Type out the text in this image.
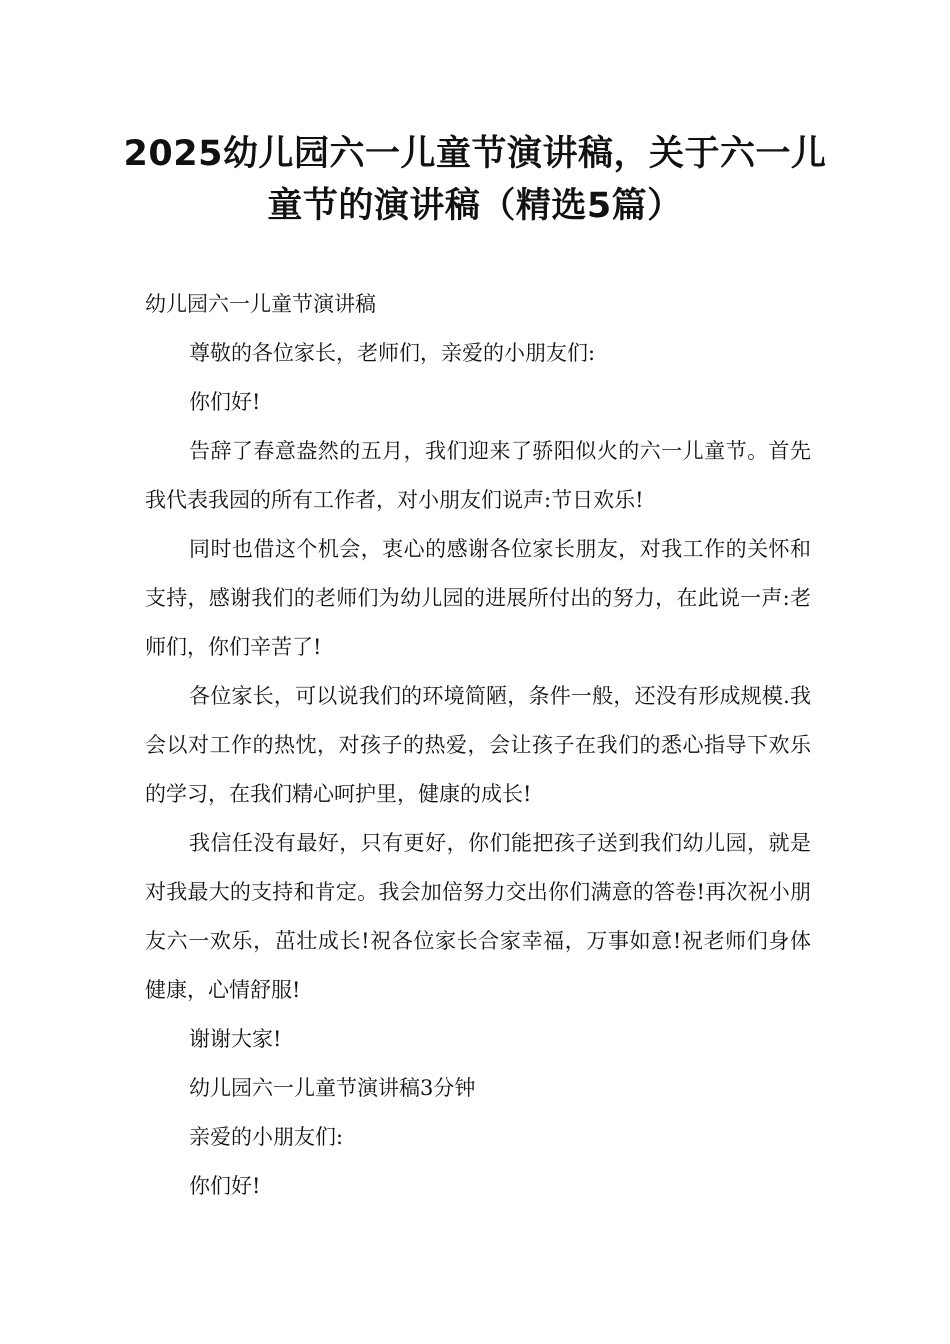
2025幼儿园六一儿童节演讲稿，关于六一儿童节的演讲稿（精选5篇）

幼儿园六一儿童节演讲稿

尊敬的各位家长，老师们，亲爱的小朋友们:

你们好!

告辞了春意盎然的五月，我们迎来了骄阳似火的六一儿童节。首先我代表我园的所有工作者，对小朋友们说声:节日欢乐!

同时也借这个机会，衷心的感谢各位家长朋友，对我工作的关怀和支持，感谢我们的老师们为幼儿园的进展所付出的努力，在此说一声:老师们，你们辛苦了!

各位家长，可以说我们的环境简陋，条件一般，还没有形成规模.我会以对工作的热忱，对孩子的热爱，会让孩子在我们的悉心指导下欢乐的学习，在我们精心呵护里，健康的成长!

我信任没有最好，只有更好，你们能把孩子送到我们幼儿园，就是对我最大的支持和肯定。我会加倍努力交出你们满意的答卷!再次祝小朋友六一欢乐，茁壮成长!祝各位家长合家幸福，万事如意!祝老师们身体健康，心情舒服!

谢谢大家!

幼儿园六一儿童节演讲稿3分钟

亲爱的小朋友们:

你们好!
